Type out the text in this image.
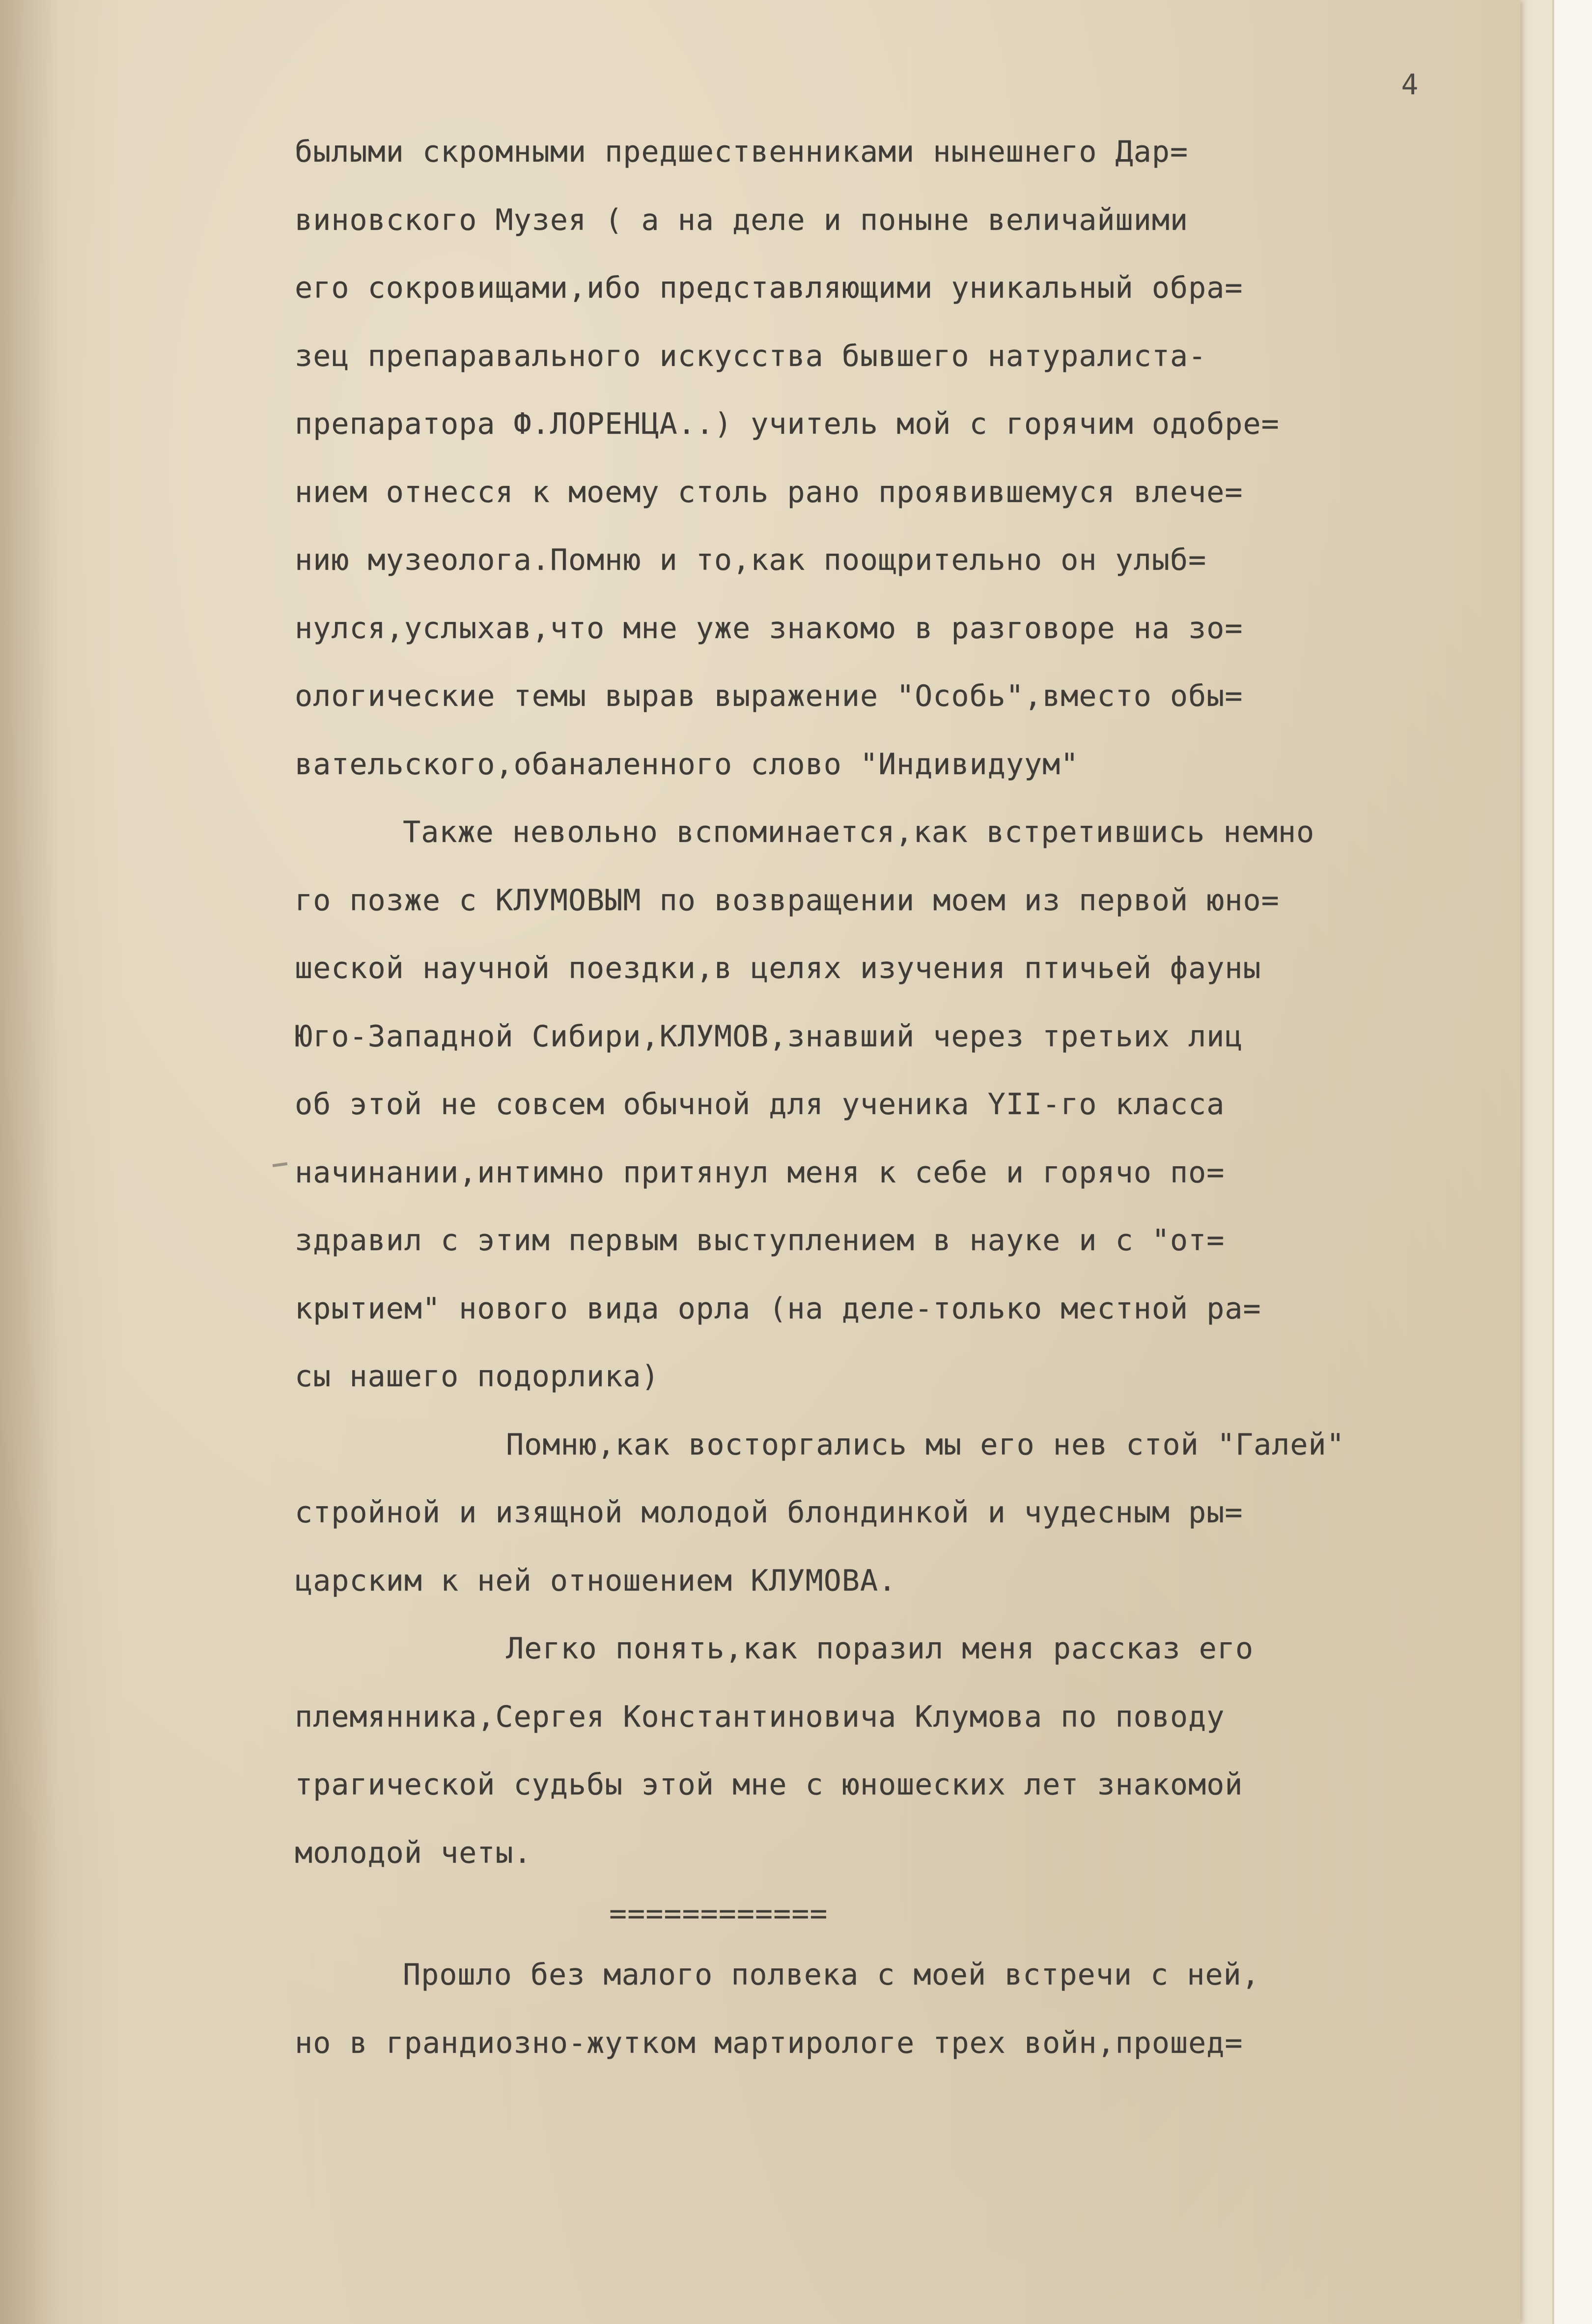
4
былыми скромными предшественниками нынешнего Дар=
виновского Музея ( а на деле и поныне величайшими
его сокровищами,ибо представляющими уникальный обра=
зец препаравального искусства бывшего натуралиста-
препаратора Ф.ЛОРЕНЦА..) учитель мой с горячим одобре=
нием отнесся к моему столь рано проявившемуся влече=
нию музеолога.Помню и то,как поощрительно он улыб=
нулся,услыхав,что мне уже знакомо в разговоре на зо=
ологические темы вырав выражение "Особь",вместо обы=
вательского,обаналенного слово "Индивидуум"
Также невольно вспоминается,как встретившись немно
го позже с КЛУМОВЫМ по возвращении моем из первой юно=
шеской научной поездки,в целях изучения птичьей фауны
Юго-Западной Сибири,КЛУМОВ,знавший через третьих лиц
об этой не совсем обычной для ученика YII-го класса
начинании,интимно притянул меня к себе и горячо по=
здравил с этим первым выступлением в науке и с "от=
крытием" нового вида орла (на деле-только местной ра=
сы нашего подорлика)
Помню,как восторгались мы его нев стой "Галей"
стройной и изящной молодой блондинкой и чудесным ры=
царским к ней отношением КЛУМОВА.
Легко понять,как поразил меня рассказ его
племянника,Сергея Константиновича Клумова по поводу
трагической судьбы этой мне с юношеских лет знакомой
молодой четы.
============
Прошло без малого полвека с моей встречи с ней,
но в грандиозно-жутком мартирологе трех войн,прошед=
